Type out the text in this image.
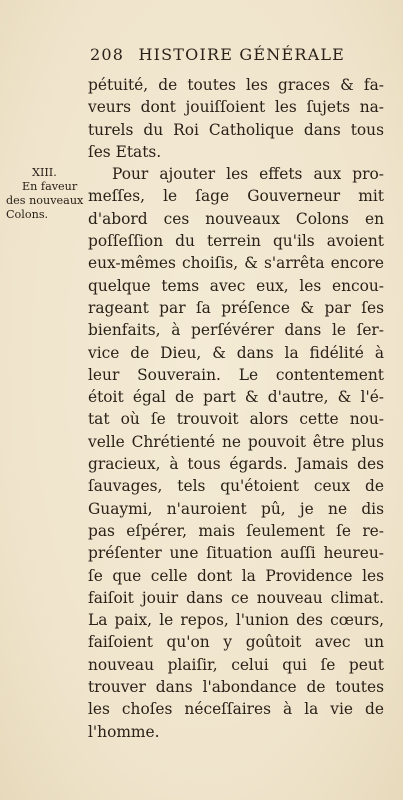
208 HISTOIRE GÉNÉRALE
XIII.
En faveur
des nouveaux
Colons.
pétuité, de toutes les graces & fa-
veurs dont jouiſſoient les ſujets na-
turels du Roi Catholique dans tous
ſes Etats.
Pour ajouter les effets aux pro-
meſſes, le ſage Gouverneur mit
d'abord ces nouveaux Colons en
poſſeſſion du terrein qu'ils avoient
eux-mêmes choiſis, & s'arrêta encore
quelque tems avec eux, les encou-
rageant par ſa préſence & par ſes
bienfaits, à perſévérer dans le ſer-
vice de Dieu, & dans la fidélité à
leur Souverain. Le contentement
étoit égal de part & d'autre, & l'é-
tat où ſe trouvoit alors cette nou-
velle Chrétienté ne pouvoit être plus
gracieux, à tous égards. Jamais des
ſauvages, tels qu'étoient ceux de
Guaymi, n'auroient pû, je ne dis
pas eſpérer, mais ſeulement ſe re-
préſenter une ſituation auſſi heureu-
ſe que celle dont la Providence les
faiſoit jouir dans ce nouveau climat.
La paix, le repos, l'union des cœurs,
faiſoient qu'on y goûtoit avec un
nouveau plaiſir, celui qui ſe peut
trouver dans l'abondance de toutes
les choſes néceſſaires à la vie de
l'homme.
